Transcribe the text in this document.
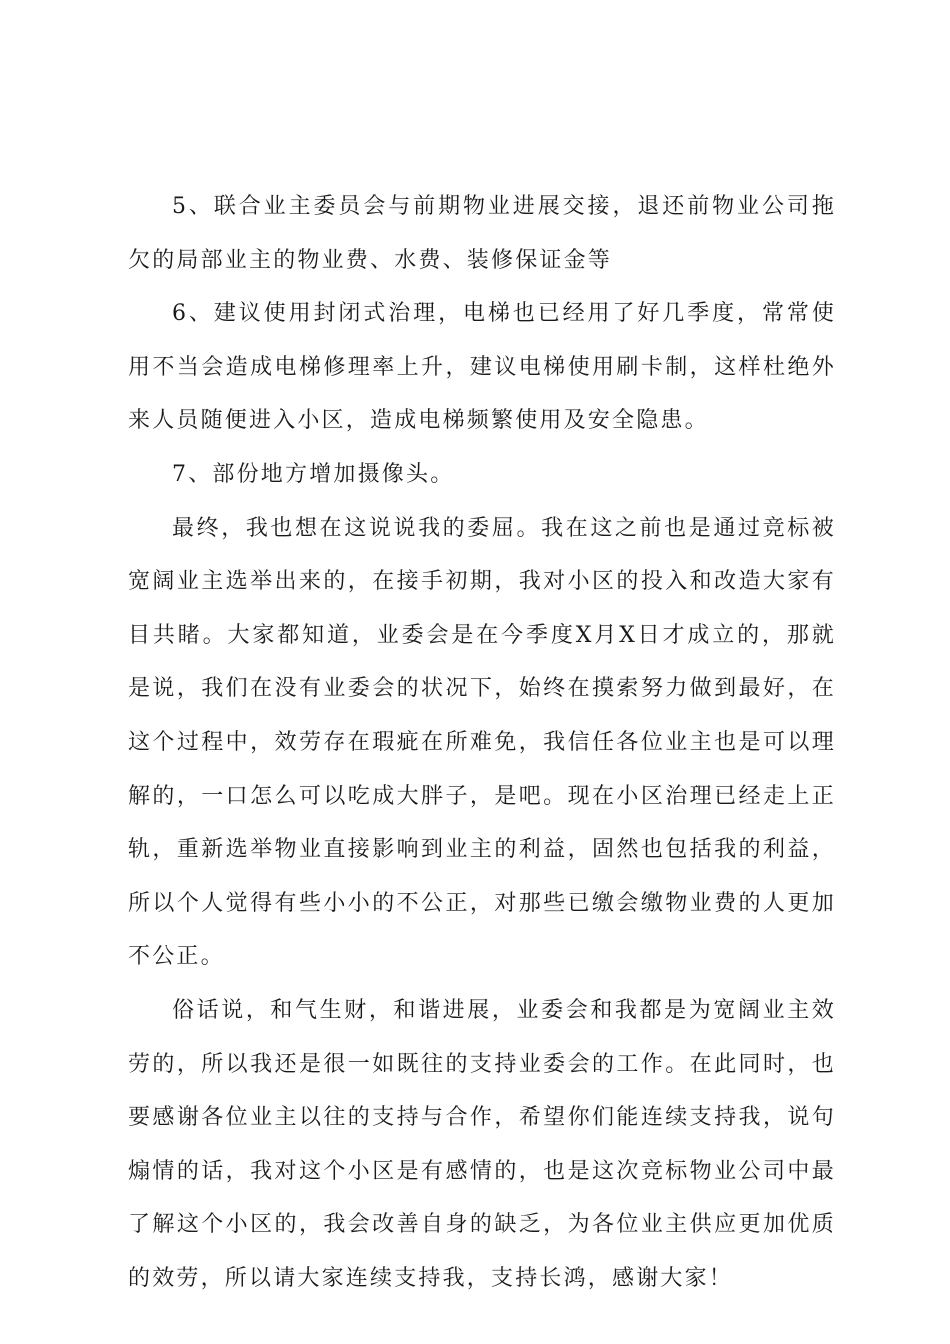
5、联合业主委员会与前期物业进展交接，退还前物业公司拖欠的局部业主的物业费、水费、装修保证金等

6、建议使用封闭式治理，电梯也已经用了好几季度，常常使用不当会造成电梯修理率上升，建议电梯使用刷卡制，这样杜绝外来人员随便进入小区，造成电梯频繁使用及安全隐患。

7、部份地方增加摄像头。

最终，我也想在这说说我的委屈。我在这之前也是通过竞标被宽阔业主选举出来的，在接手初期，我对小区的投入和改造大家有目共睹。大家都知道，业委会是在今季度X月X日才成立的，那就是说，我们在没有业委会的状况下，始终在摸索努力做到最好，在这个过程中，效劳存在瑕疵在所难免，我信任各位业主也是可以理解的，一口怎么可以吃成大胖子，是吧。现在小区治理已经走上正轨，重新选举物业直接影响到业主的利益，固然也包括我的利益，所以个人觉得有些小小的不公正，对那些已缴会缴物业费的人更加不公正。

俗话说，和气生财，和谐进展，业委会和我都是为宽阔业主效劳的，所以我还是很一如既往的支持业委会的工作。在此同时，也要感谢各位业主以往的支持与合作，希望你们能连续支持我，说句煽情的话，我对这个小区是有感情的，也是这次竞标物业公司中最了解这个小区的，我会改善自身的缺乏，为各位业主供应更加优质的效劳，所以请大家连续支持我，支持长鸿，感谢大家！
